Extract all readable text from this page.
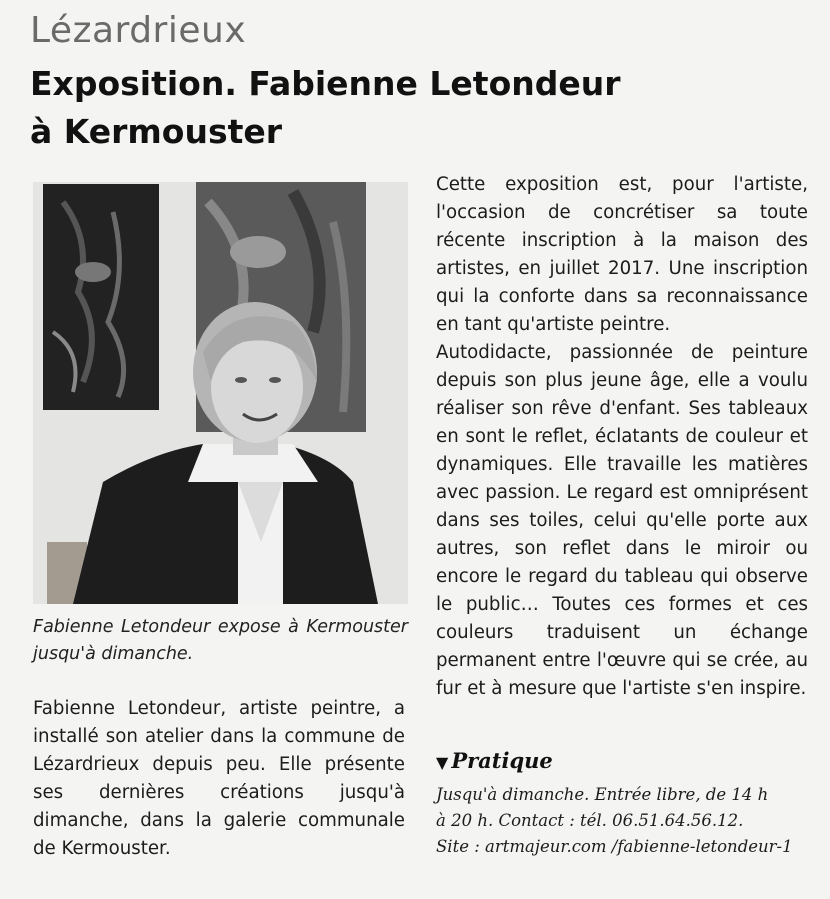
Lézardrieux
Exposition. Fabienne Letondeur
à Kermouster
Fabienne Letondeur expose à Kermouster jusqu'à dimanche.

Fabienne Letondeur, artiste peintre, a installé son atelier dans la commune de Lézardrieux depuis peu. Elle présente ses dernières créations jusqu'à dimanche, dans la galerie communale de Kermouster.

Cette exposition est, pour l'artiste, l'occasion de concrétiser sa toute récente inscription à la maison des artistes, en juillet 2017. Une inscription qui la conforte dans sa reconnaissance en tant qu'artiste peintre.

Autodidacte, passionnée de peinture depuis son plus jeune âge, elle a voulu réaliser son rêve d'enfant. Ses tableaux en sont le reflet, éclatants de couleur et dynamiques. Elle travaille les matières avec passion. Le regard est omniprésent dans ses toiles, celui qu'elle porte aux autres, son reflet dans le miroir ou encore le regard du tableau qui observe le public… Toutes ces formes et ces couleurs traduisent un échange permanent entre l'œuvre qui se crée, au fur et à mesure que l'artiste s'en inspire.

▼ Pratique
Jusqu'à dimanche. Entrée libre, de 14 h
à 20 h. Contact : tél. 06.51.64.56.12.
Site : artmajeur.com /fabienne-letondeur-1
